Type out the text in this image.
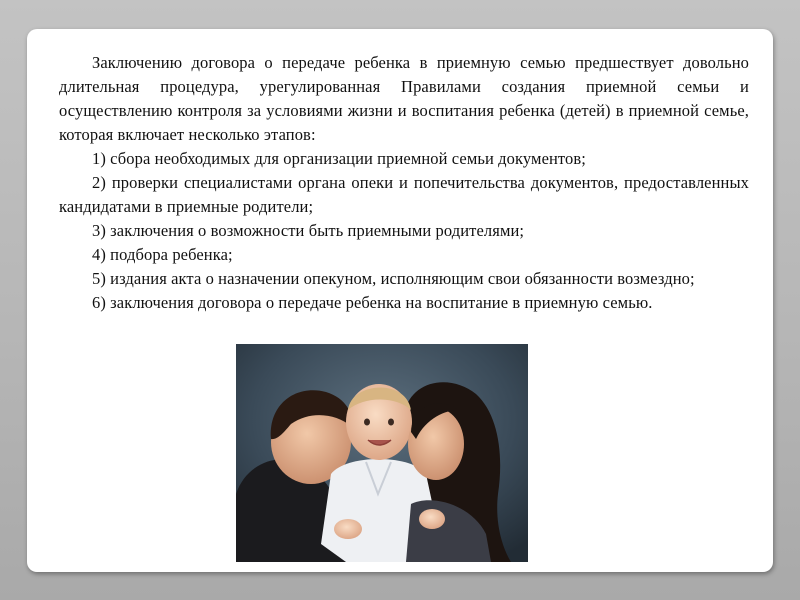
Заключению договора о передаче ребенка в приемную семью предшествует довольно длительная процедура, урегулированная Правилами создания приемной семьи и осуществлению контроля за условиями жизни и воспитания ребенка (детей) в приемной семье, которая включает несколько этапов:

1) сбора необходимых для организации приемной семьи документов;

2) проверки специалистами органа опеки и попечительства документов, предоставленных кандидатами в приемные родители;

3) заключения о возможности быть приемными родителями;

4) подбора ребенка;

5) издания акта о назначении опекуном, исполняющим свои обязанности возмездно;

6) заключения договора о передаче ребенка на воспитание в приемную семью.
